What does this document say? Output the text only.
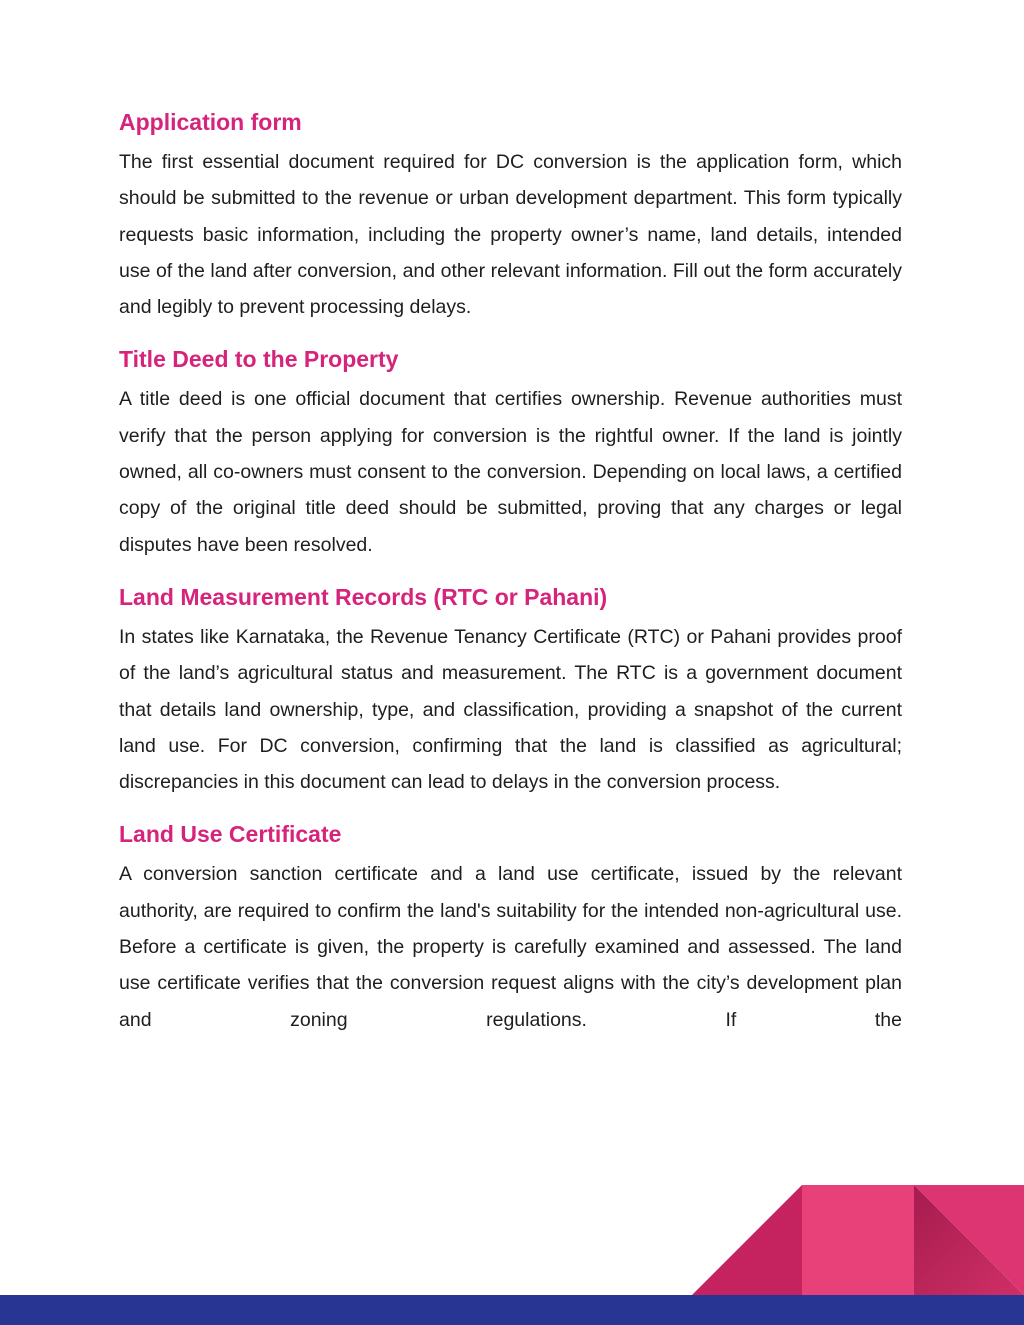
Application form

The first essential document required for DC conversion is the application form, which should be submitted to the revenue or urban development department. This form typically requests basic information, including the property owner’s name, land details, intended use of the land after conversion, and other relevant information. Fill out the form accurately and legibly to prevent processing delays.

Title Deed to the Property

A title deed is one official document that certifies ownership. Revenue authorities must verify that the person applying for conversion is the rightful owner. If the land is jointly owned, all co-owners must consent to the conversion. Depending on local laws, a certified copy of the original title deed should be submitted, proving that any charges or legal disputes have been resolved.

Land Measurement Records (RTC or Pahani)

In states like Karnataka, the Revenue Tenancy Certificate (RTC) or Pahani provides proof of the land’s agricultural status and measurement. The RTC is a government document that details land ownership, type, and classification, providing a snapshot of the current land use. For DC conversion, confirming that the land is classified as agricultural; discrepancies in this document can lead to delays in the conversion process.

Land Use Certificate

A conversion sanction certificate and a land use certificate, issued by the relevant authority, are required to confirm the land's suitability for the intended non-agricultural use. Before a certificate is given, the property is carefully examined and assessed. The land use certificate verifies that the conversion request aligns with the city’s development plan and zoning regulations. If the
